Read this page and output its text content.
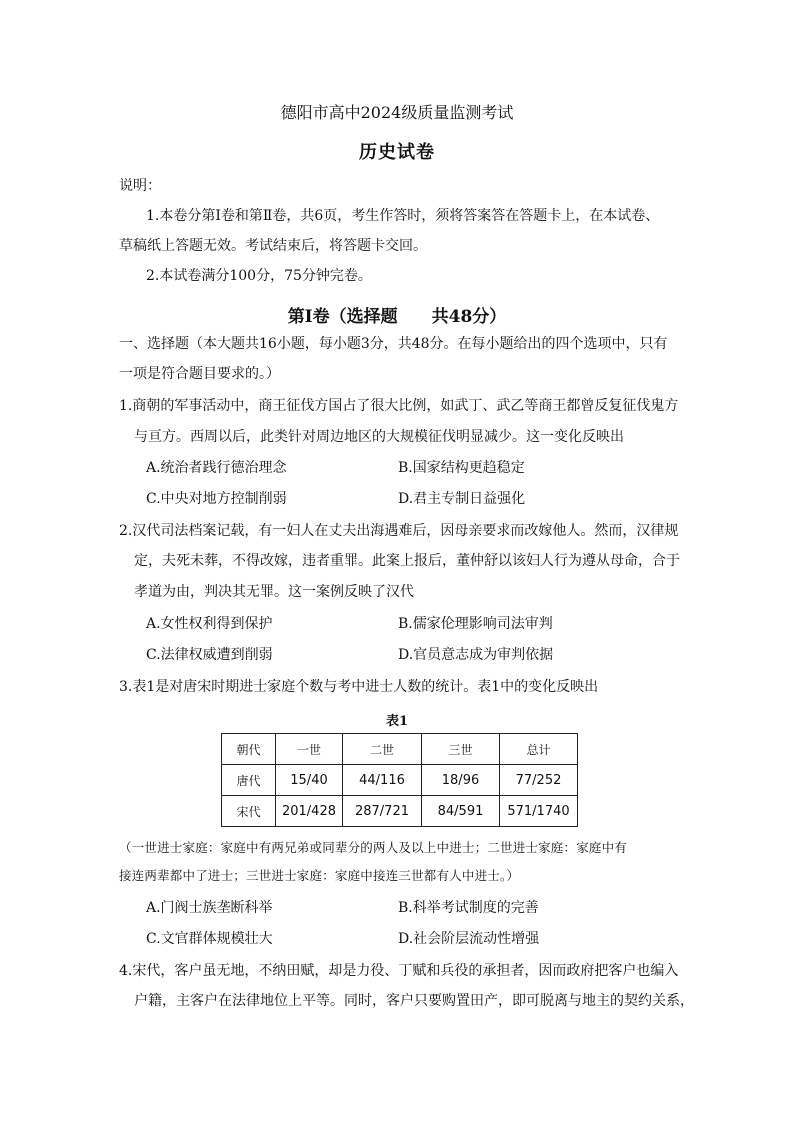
德阳市高中2024级质量监测考试
历史试卷
说明：
1.本卷分第Ⅰ卷和第Ⅱ卷，共6页，考生作答时，须将答案答在答题卡上，在本试卷、
草稿纸上答题无效。考试结束后，将答题卡交回。
2.本试卷满分100分，75分钟完卷。
第Ⅰ卷（选择题　　共48分）
一、选择题（本大题共16小题，每小题3分，共48分。在每小题给出的四个选项中，只有
一项是符合题目要求的。）
1.商朝的军事活动中，商王征伐方国占了很大比例，如武丁、武乙等商王都曾反复征伐鬼方
与亘方。西周以后，此类针对周边地区的大规模征伐明显减少。这一变化反映出
A.统治者践行德治理念	B.国家结构更趋稳定
C.中央对地方控制削弱	D.君主专制日益强化
2.汉代司法档案记载，有一妇人在丈夫出海遇难后，因母亲要求而改嫁他人。然而，汉律规
定，夫死未葬，不得改嫁，违者重罪。此案上报后，董仲舒以该妇人行为遵从母命，合于
孝道为由，判决其无罪。这一案例反映了汉代
A.女性权利得到保护	B.儒家伦理影响司法审判
C.法律权威遭到削弱	D.官员意志成为审判依据
3.表1是对唐宋时期进士家庭个数与考中进士人数的统计。表1中的变化反映出
表1
朝代	一世	二世	三世	总计
唐代	15/40	44/116	18/96	77/252
宋代	201/428	287/721	84/591	571/1740
（一世进士家庭：家庭中有两兄弟或同辈分的两人及以上中进士；二世进士家庭：家庭中有
接连两辈都中了进士；三世进士家庭：家庭中接连三世都有人中进士。）
A.门阀士族垄断科举	B.科举考试制度的完善
C.文官群体规模壮大	D.社会阶层流动性增强
4.宋代，客户虽无地，不纳田赋，却是力役、丁赋和兵役的承担者，因而政府把客户也编入
户籍，主客户在法律地位上平等。同时，客户只要购置田产，即可脱离与地主的契约关系，
